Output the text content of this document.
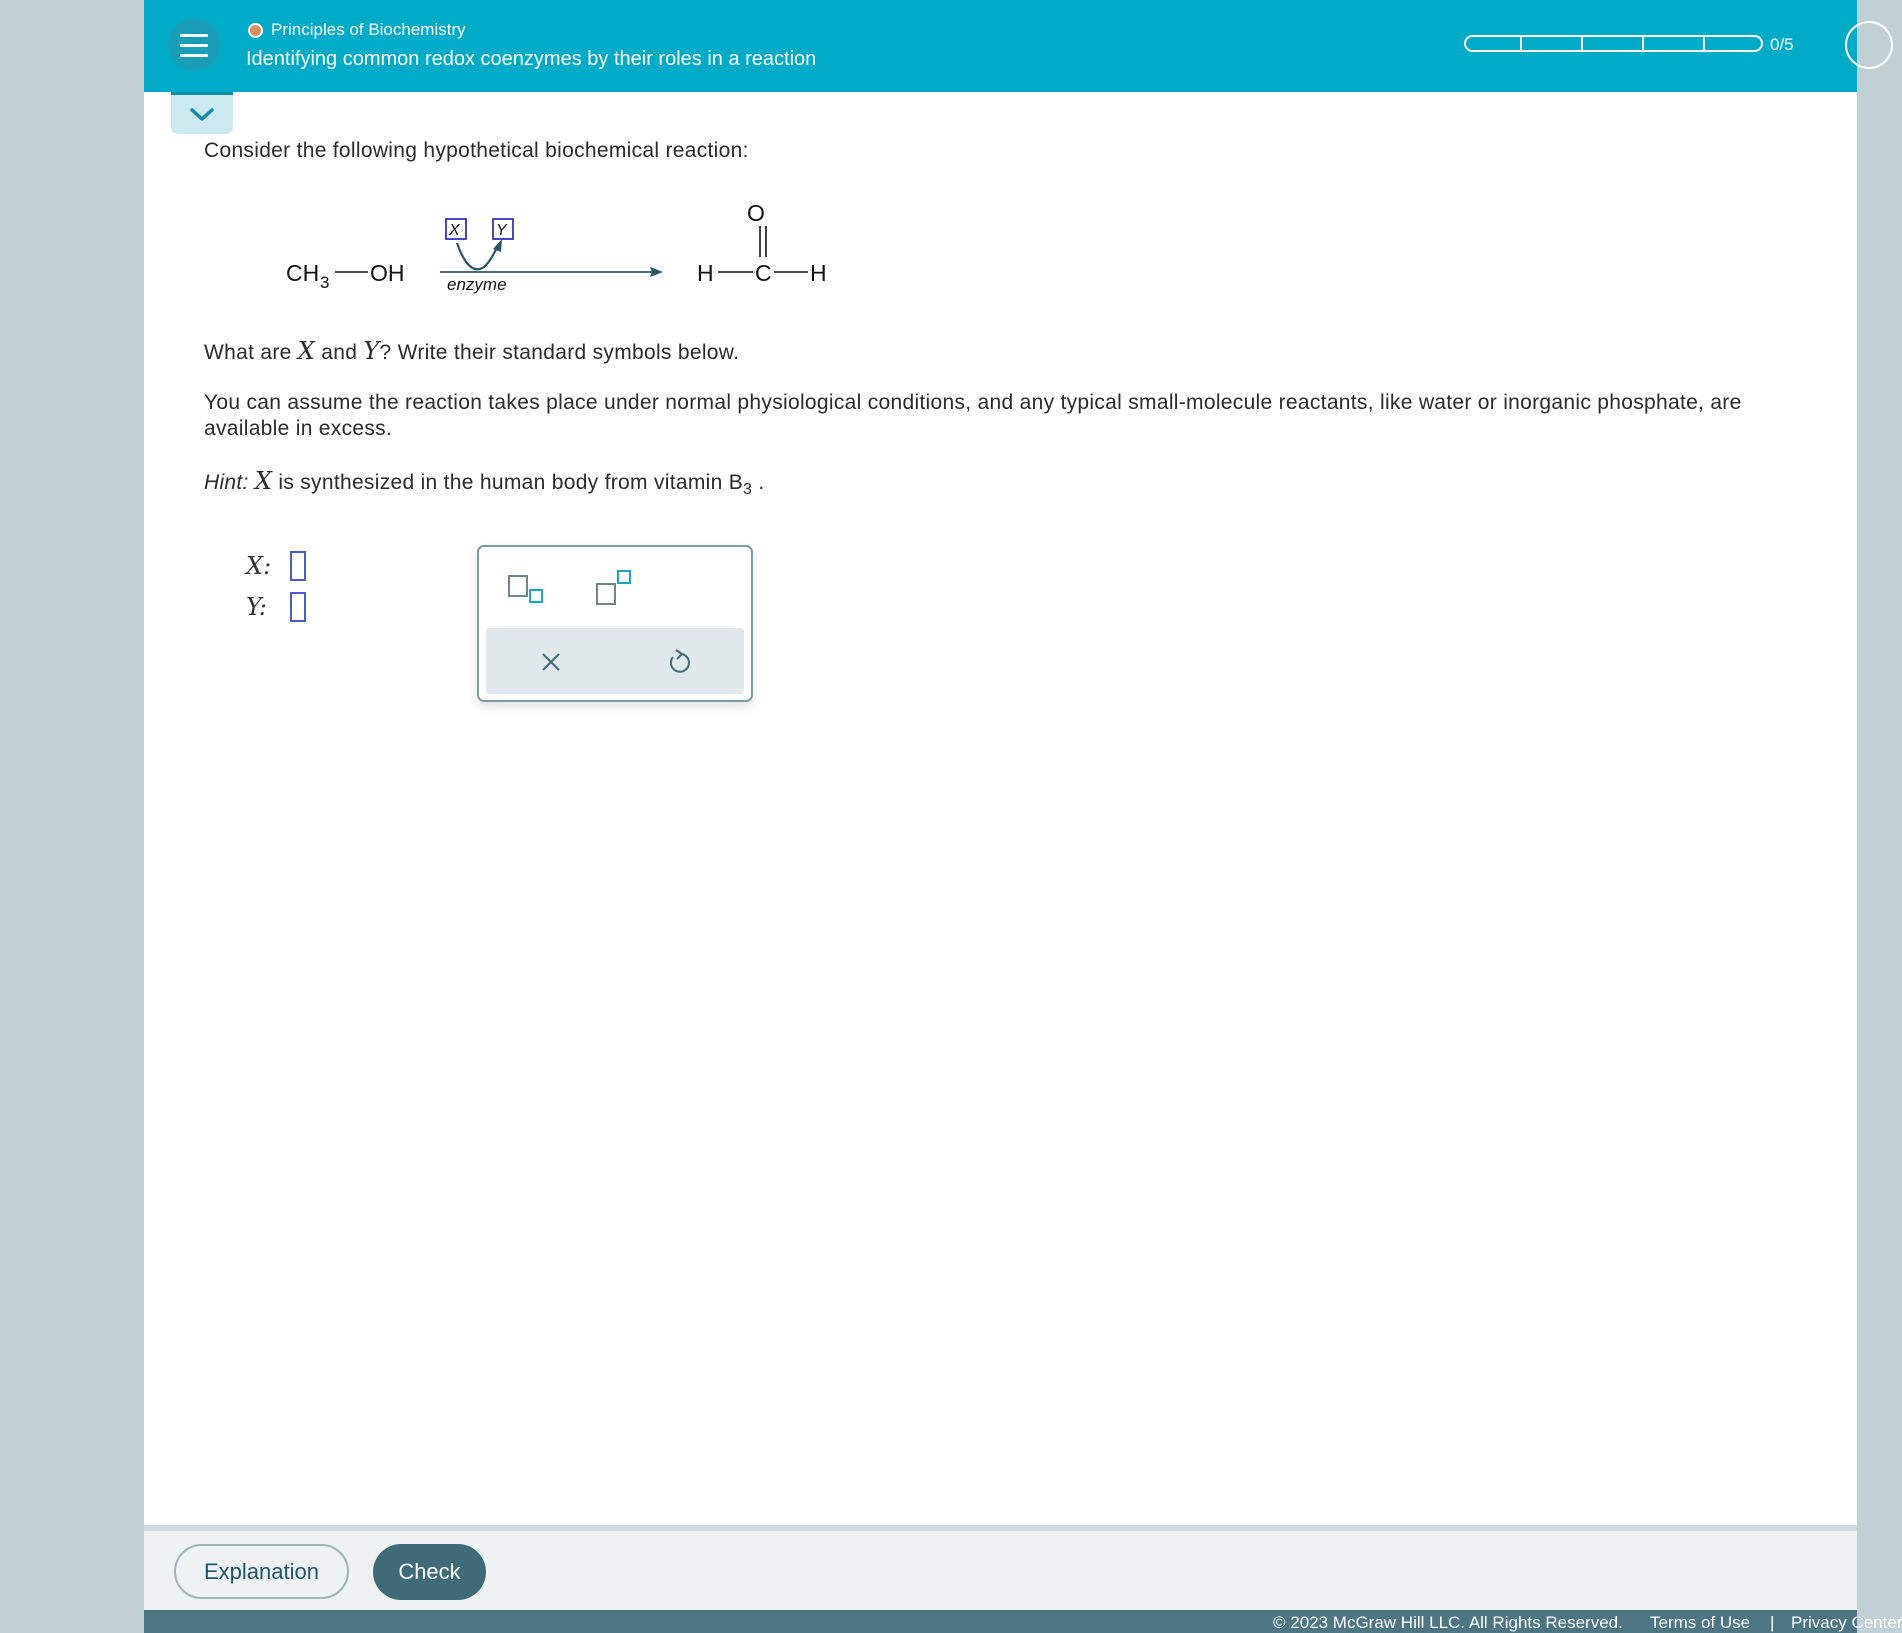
Principles of Biochemistry
Identifying common redox coenzymes by their roles in a reaction
0/5
Consider the following hypothetical biochemical reaction:
CH 3 OH
X Y
enzyme
O
H C H
What are X and Y? Write their standard symbols below.
You can assume the reaction takes place under normal physiological conditions, and any typical small-molecule reactants, like water or inorganic phosphate, are
available in excess.
Hint: X is synthesized in the human body from vitamin $B_3$ .
X:
Y:
Explanation	Check
© 2023 McGraw Hill LLC. All Rights Reserved. Terms of Use | Privacy Center
